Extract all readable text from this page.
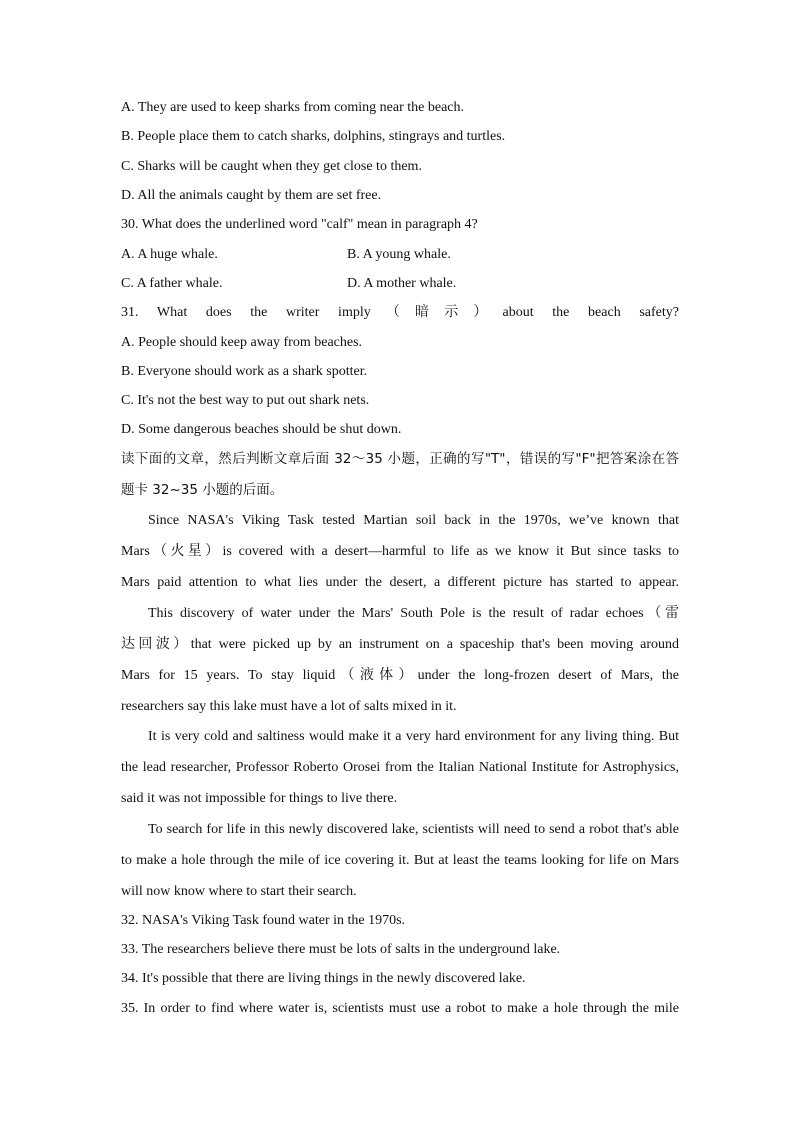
A. They are used to keep sharks from coming near the beach.
B. People place them to catch sharks, dolphins, stingrays and turtles.
C. Sharks will be caught when they get close to them.
D. All the animals caught by them are set free.
30. What does the underlined word "calf" mean in paragraph 4?
A. A huge whale.	B. A young whale.
C. A father whale.	D. A mother whale.
31. What does the writer imply（暗示）about the beach safety?
A. People should keep away from beaches.
B. Everyone should work as a shark spotter.
C. It's not the best way to put out shark nets.
D. Some dangerous beaches should be shut down.
读下面的文章，然后判断文章后面 32～35 小题，正确的写"T"，错误的写"F"把答案涂在答
题卡 32~35 小题的后面。
Since NASA's Viking Task tested Martian soil back in the 1970s, we’ve known that
Mars（火星）is covered with a desert—harmful to life as we know it But since tasks to
Mars paid attention to what lies under the desert, a different picture has started to appear.
This discovery of water under the Mars' South Pole is the result of radar echoes（雷
达回波）that were picked up by an instrument on a spaceship that's been moving around
Mars for 15 years. To stay liquid（液体）under the long-frozen desert of Mars, the
researchers say this lake must have a lot of salts mixed in it.
It is very cold and saltiness would make it a very hard environment for any living thing. But
the lead researcher, Professor Roberto Orosei from the Italian National Institute for Astrophysics,
said it was not impossible for things to live there.
To search for life in this newly discovered lake, scientists will need to send a robot that's able
to make a hole through the mile of ice covering it. But at least the teams looking for life on Mars
will now know where to start their search.
32. NASA's Viking Task found water in the 1970s.
33. The researchers believe there must be lots of salts in the underground lake.
34. It's possible that there are living things in the newly discovered lake.
35. In order to find where water is, scientists must use a robot to make a hole through the mile
